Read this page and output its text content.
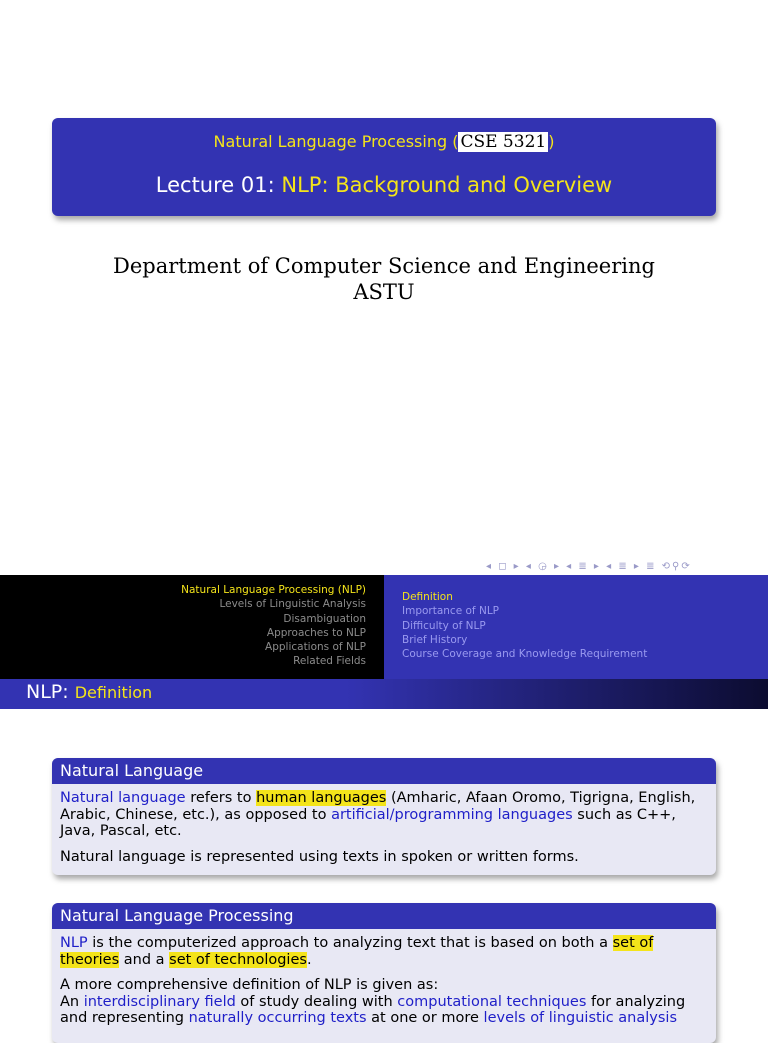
Natural Language Processing ( CSE 5321 )
Lecture 01: NLP: Background and Overview
Department of Computer Science and Engineering
ASTU
◂ ◻ ▸ ◂ ◶ ▸ ◂ ≣ ▸ ◂ ≣ ▸ ≣ ⟲⚲⟳
Natural Language Processing (NLP)
Levels of Linguistic Analysis
Disambiguation
Approaches to NLP
Applications of NLP
Related Fields
Definition
Importance of NLP
Difficulty of NLP
Brief History
Course Coverage and Knowledge Requirement
NLP: Definition
Natural Language

Natural language refers to human languages (Amharic, Afaan Oromo, Tigrigna, English, Arabic, Chinese, etc.), as opposed to artificial/programming languages such as C++, Java, Pascal, etc.

Natural language is represented using texts in spoken or written forms.

Natural Language Processing

NLP is the computerized approach to analyzing text that is based on both a set of theories and a set of technologies.

A more comprehensive definition of NLP is given as:
An interdisciplinary field of study dealing with computational techniques for analyzing and representing naturally occurring texts at one or more levels of linguistic analysis
